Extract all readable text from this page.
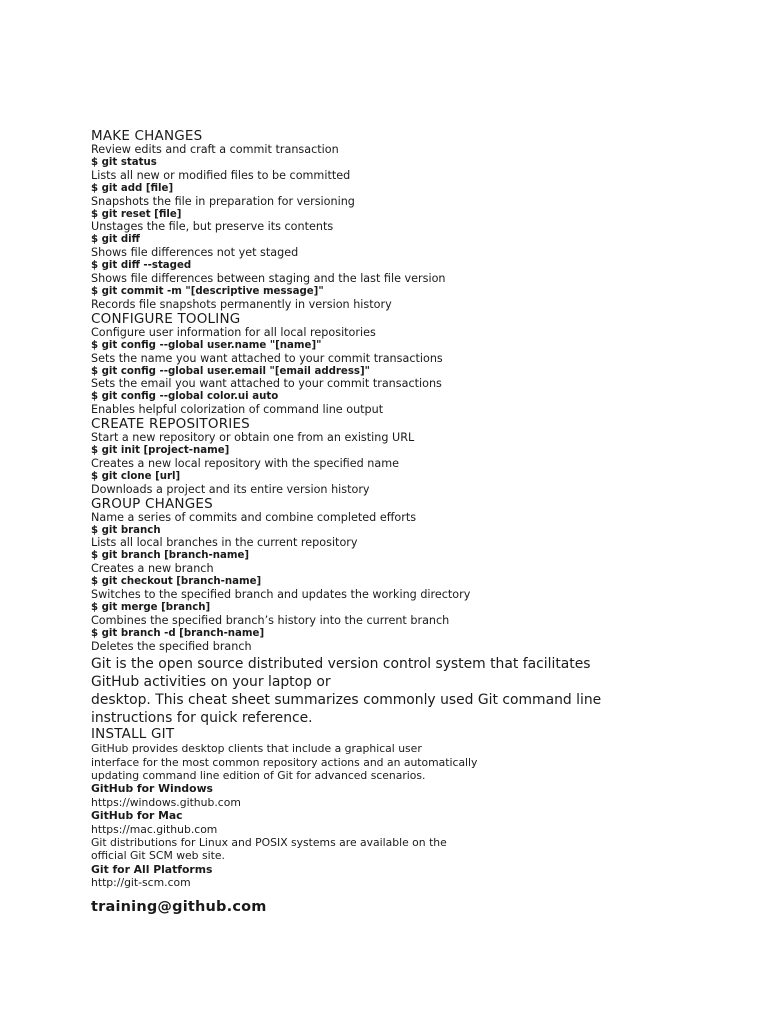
MAKE CHANGES

Review edits and craft a commit transaction

$ git status

Lists all new or modified files to be committed

$ git add [file]

Snapshots the file in preparation for versioning

$ git reset [file]

Unstages the file, but preserve its contents

$ git diff

Shows file differences not yet staged

$ git diff --staged

Shows file differences between staging and the last file version

$ git commit -m "[descriptive message]"

Records file snapshots permanently in version history

CONFIGURE TOOLING

Configure user information for all local repositories

$ git config --global user.name "[name]"

Sets the name you want attached to your commit transactions

$ git config --global user.email "[email address]"

Sets the email you want attached to your commit transactions

$ git config --global color.ui auto

Enables helpful colorization of command line output

CREATE REPOSITORIES

Start a new repository or obtain one from an existing URL

$ git init [project-name]

Creates a new local repository with the specified name

$ git clone [url]

Downloads a project and its entire version history

GROUP CHANGES

Name a series of commits and combine completed efforts

$ git branch

Lists all local branches in the current repository

$ git branch [branch-name]

Creates a new branch

$ git checkout [branch-name]

Switches to the specified branch and updates the working directory

$ git merge [branch]

Combines the specified branch’s history into the current branch

$ git branch -d [branch-name]

Deletes the specified branch

Git is the open source distributed version control system that facilitates

GitHub activities on your laptop or

desktop. This cheat sheet summarizes commonly used Git command line

instructions for quick reference.

INSTALL GIT

GitHub provides desktop clients that include a graphical user

interface for the most common repository actions and an automatically

updating command line edition of Git for advanced scenarios.

GitHub for Windows

https://windows.github.com

GitHub for Mac

https://mac.github.com

Git distributions for Linux and POSIX systems are available on the

official Git SCM web site.

Git for All Platforms

http://git-scm.com

training@github.com
